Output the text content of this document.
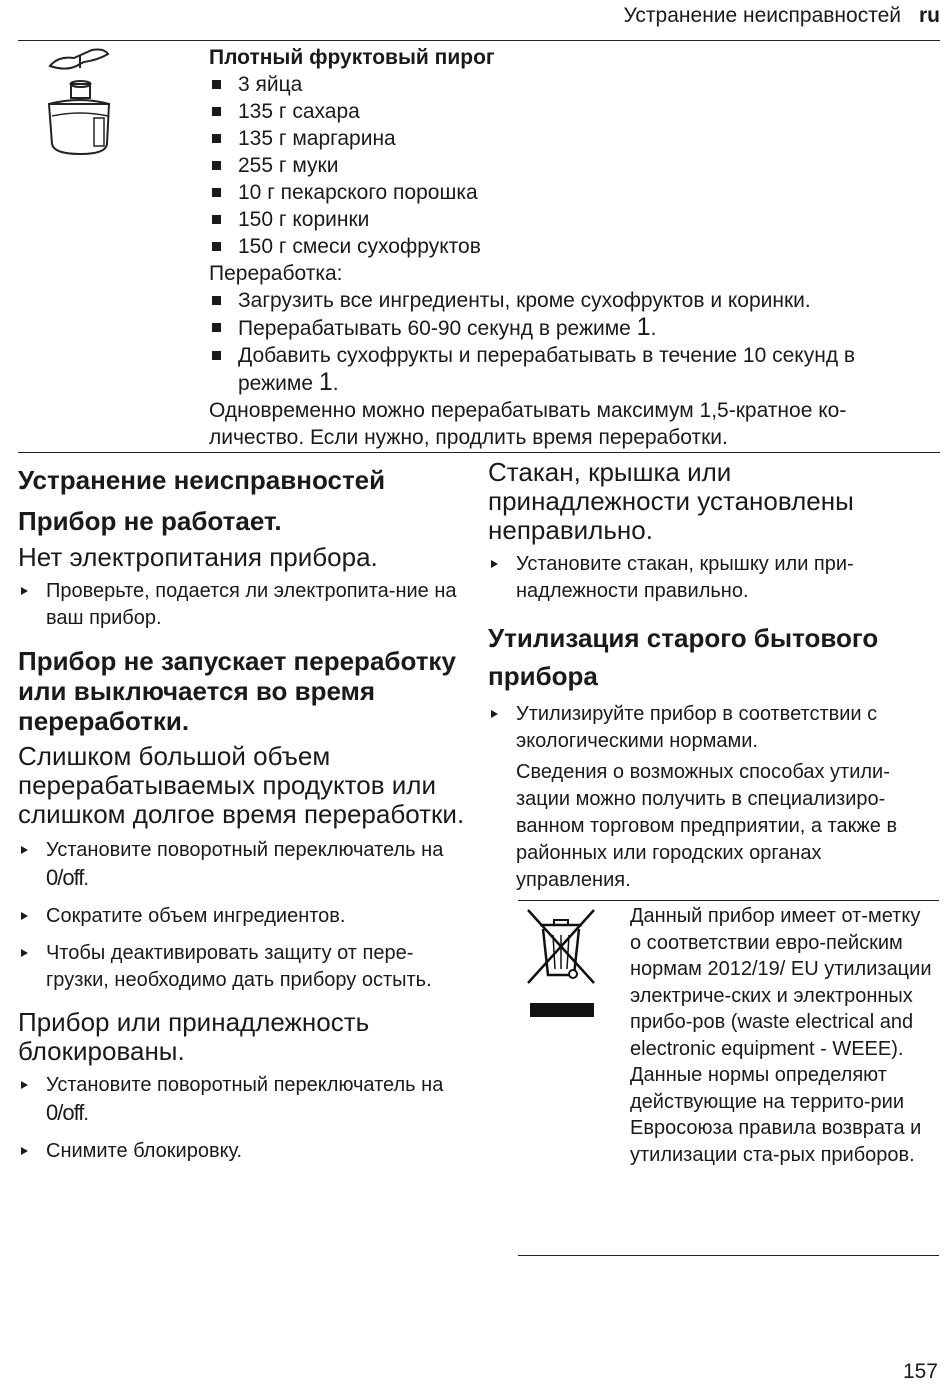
Устранение неисправностей ru
Плотный фруктовый пирог
3 яйца
135 г сахара
135 г маргарина
255 г муки
10 г пекарского порошка
150 г коринки
150 г смеси сухофруктов
Переработка:
Загрузить все ингредиенты, кроме сухофруктов и коринки.
Перерабатывать 60-90 секунд в режиме 1.
Добавить сухофрукты и перерабатывать в течение 10 секунд в режиме 1.
Одновременно можно перерабатывать максимум 1,5-кратное ко-личество. Если нужно, продлить время переработки.
Устранение неисправностей
Прибор не работает.
Нет электропитания прибора.
Проверьте, подается ли электропита-ние на ваш прибор.
Прибор не запускает переработку или выключается во время переработки.
Слишком большой объем перерабатываемых продуктов или слишком долгое время переработки.
Установите поворотный переключатель на 0/off.
Сократите объем ингредиентов.
Чтобы деактивировать защиту от пере-грузки, необходимо дать прибору остыть.
Прибор или принадлежность блокированы.
Установите поворотный переключатель на 0/off.
Снимите блокировку.
Стакан, крышка или принадлежности установлены неправильно.
Установите стакан, крышку или при-надлежности правильно.
Утилизация старого бытового прибора
Утилизируйте прибор в соответствии с экологическими нормами.

Сведения о возможных способах утили-зации можно получить в специализиро-ванном торговом предприятии, а также в районных или городских органах управления.

Данный прибор имеет от-метку о соответствии евро-пейским нормам 2012/19/ EU утилизации электриче-ских и электронных прибо-ров (waste electrical and electronic equipment - WEEE).
Данные нормы определяют действующие на террито-рии Евросоюза правила возврата и утилизации ста-рых приборов.
157
